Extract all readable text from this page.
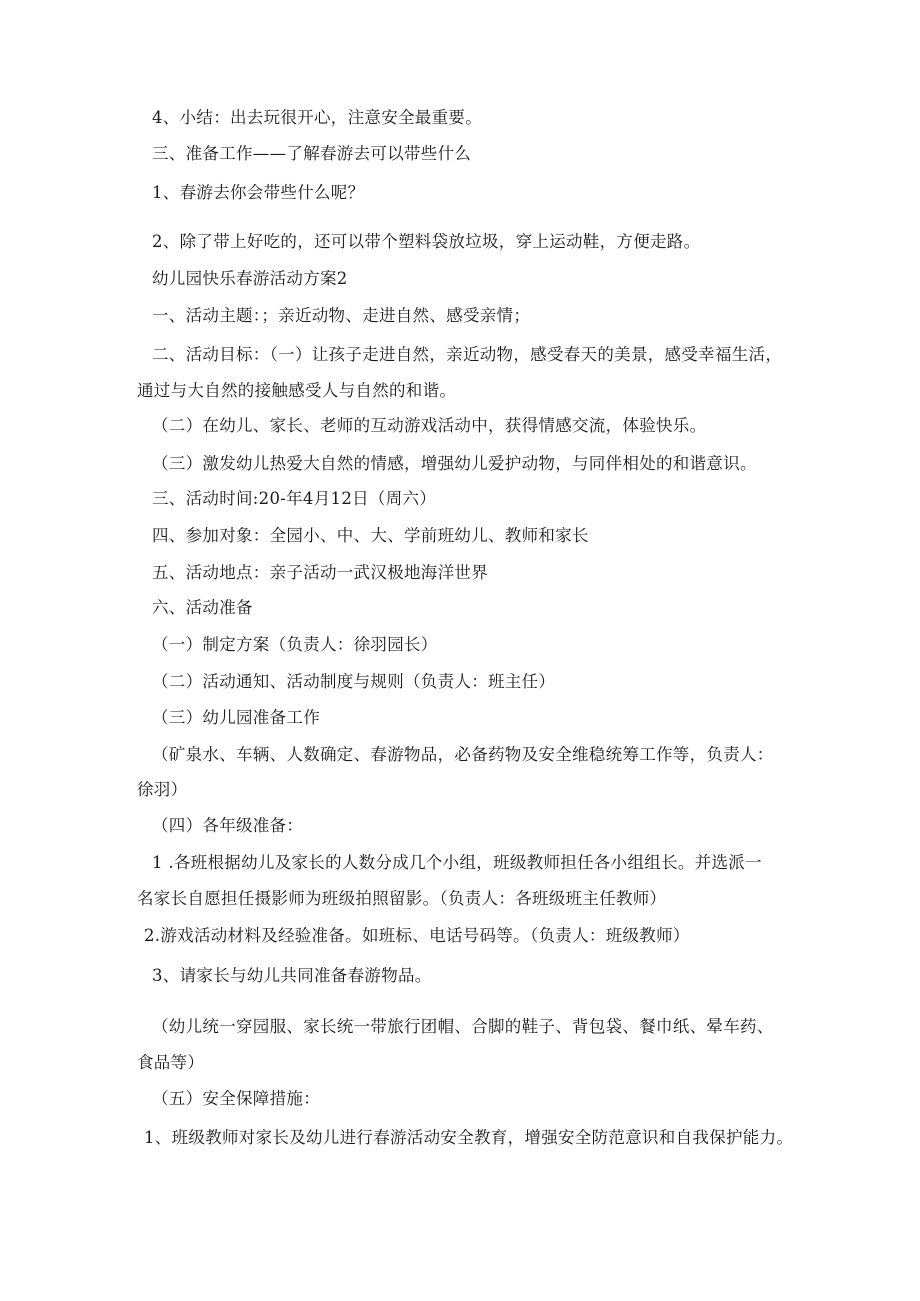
4、小结：出去玩很开心，注意安全最重要。
三、准备工作——了解春游去可以带些什么
1、春游去你会带些什么呢？
2、除了带上好吃的，还可以带个塑料袋放垃圾，穿上运动鞋，方便走路。
幼儿园快乐春游活动方案2
一、活动主题：；亲近动物、走进自然、感受亲情；
二、活动目标：（一）让孩子走进自然，亲近动物，感受春天的美景，感受幸福生活，
通过与大自然的接触感受人与自然的和谐。
（二）在幼儿、家长、老师的互动游戏活动中，获得情感交流，体验快乐。
（三）激发幼儿热爱大自然的情感，增强幼儿爱护动物，与同伴相处的和谐意识。
三、活动时间:20-年4月12日（周六）
四、参加对象：全园小、中、大、学前班幼儿、教师和家长
五、活动地点：亲子活动一武汉极地海洋世界
六、活动准备
（一）制定方案（负责人：徐羽园长）
（二）活动通知、活动制度与规则（负责人：班主任）
（三）幼儿园准备工作
（矿泉水、车辆、人数确定、春游物品，必备药物及安全维稳统筹工作等，负责人：
徐羽）
（四）各年级准备：
1 .各班根据幼儿及家长的人数分成几个小组，班级教师担任各小组组长。并选派一
名家长自愿担任摄影师为班级拍照留影。（负责人：各班级班主任教师）
2.游戏活动材料及经验准备。如班标、电话号码等。（负责人：班级教师）
3、请家长与幼儿共同准备春游物品。
（幼儿统一穿园服、家长统一带旅行团帽、合脚的鞋子、背包袋、餐巾纸、晕车药、
食品等）
（五）安全保障措施：
1、班级教师对家长及幼儿进行春游活动安全教育，增强安全防范意识和自我保护能力。
